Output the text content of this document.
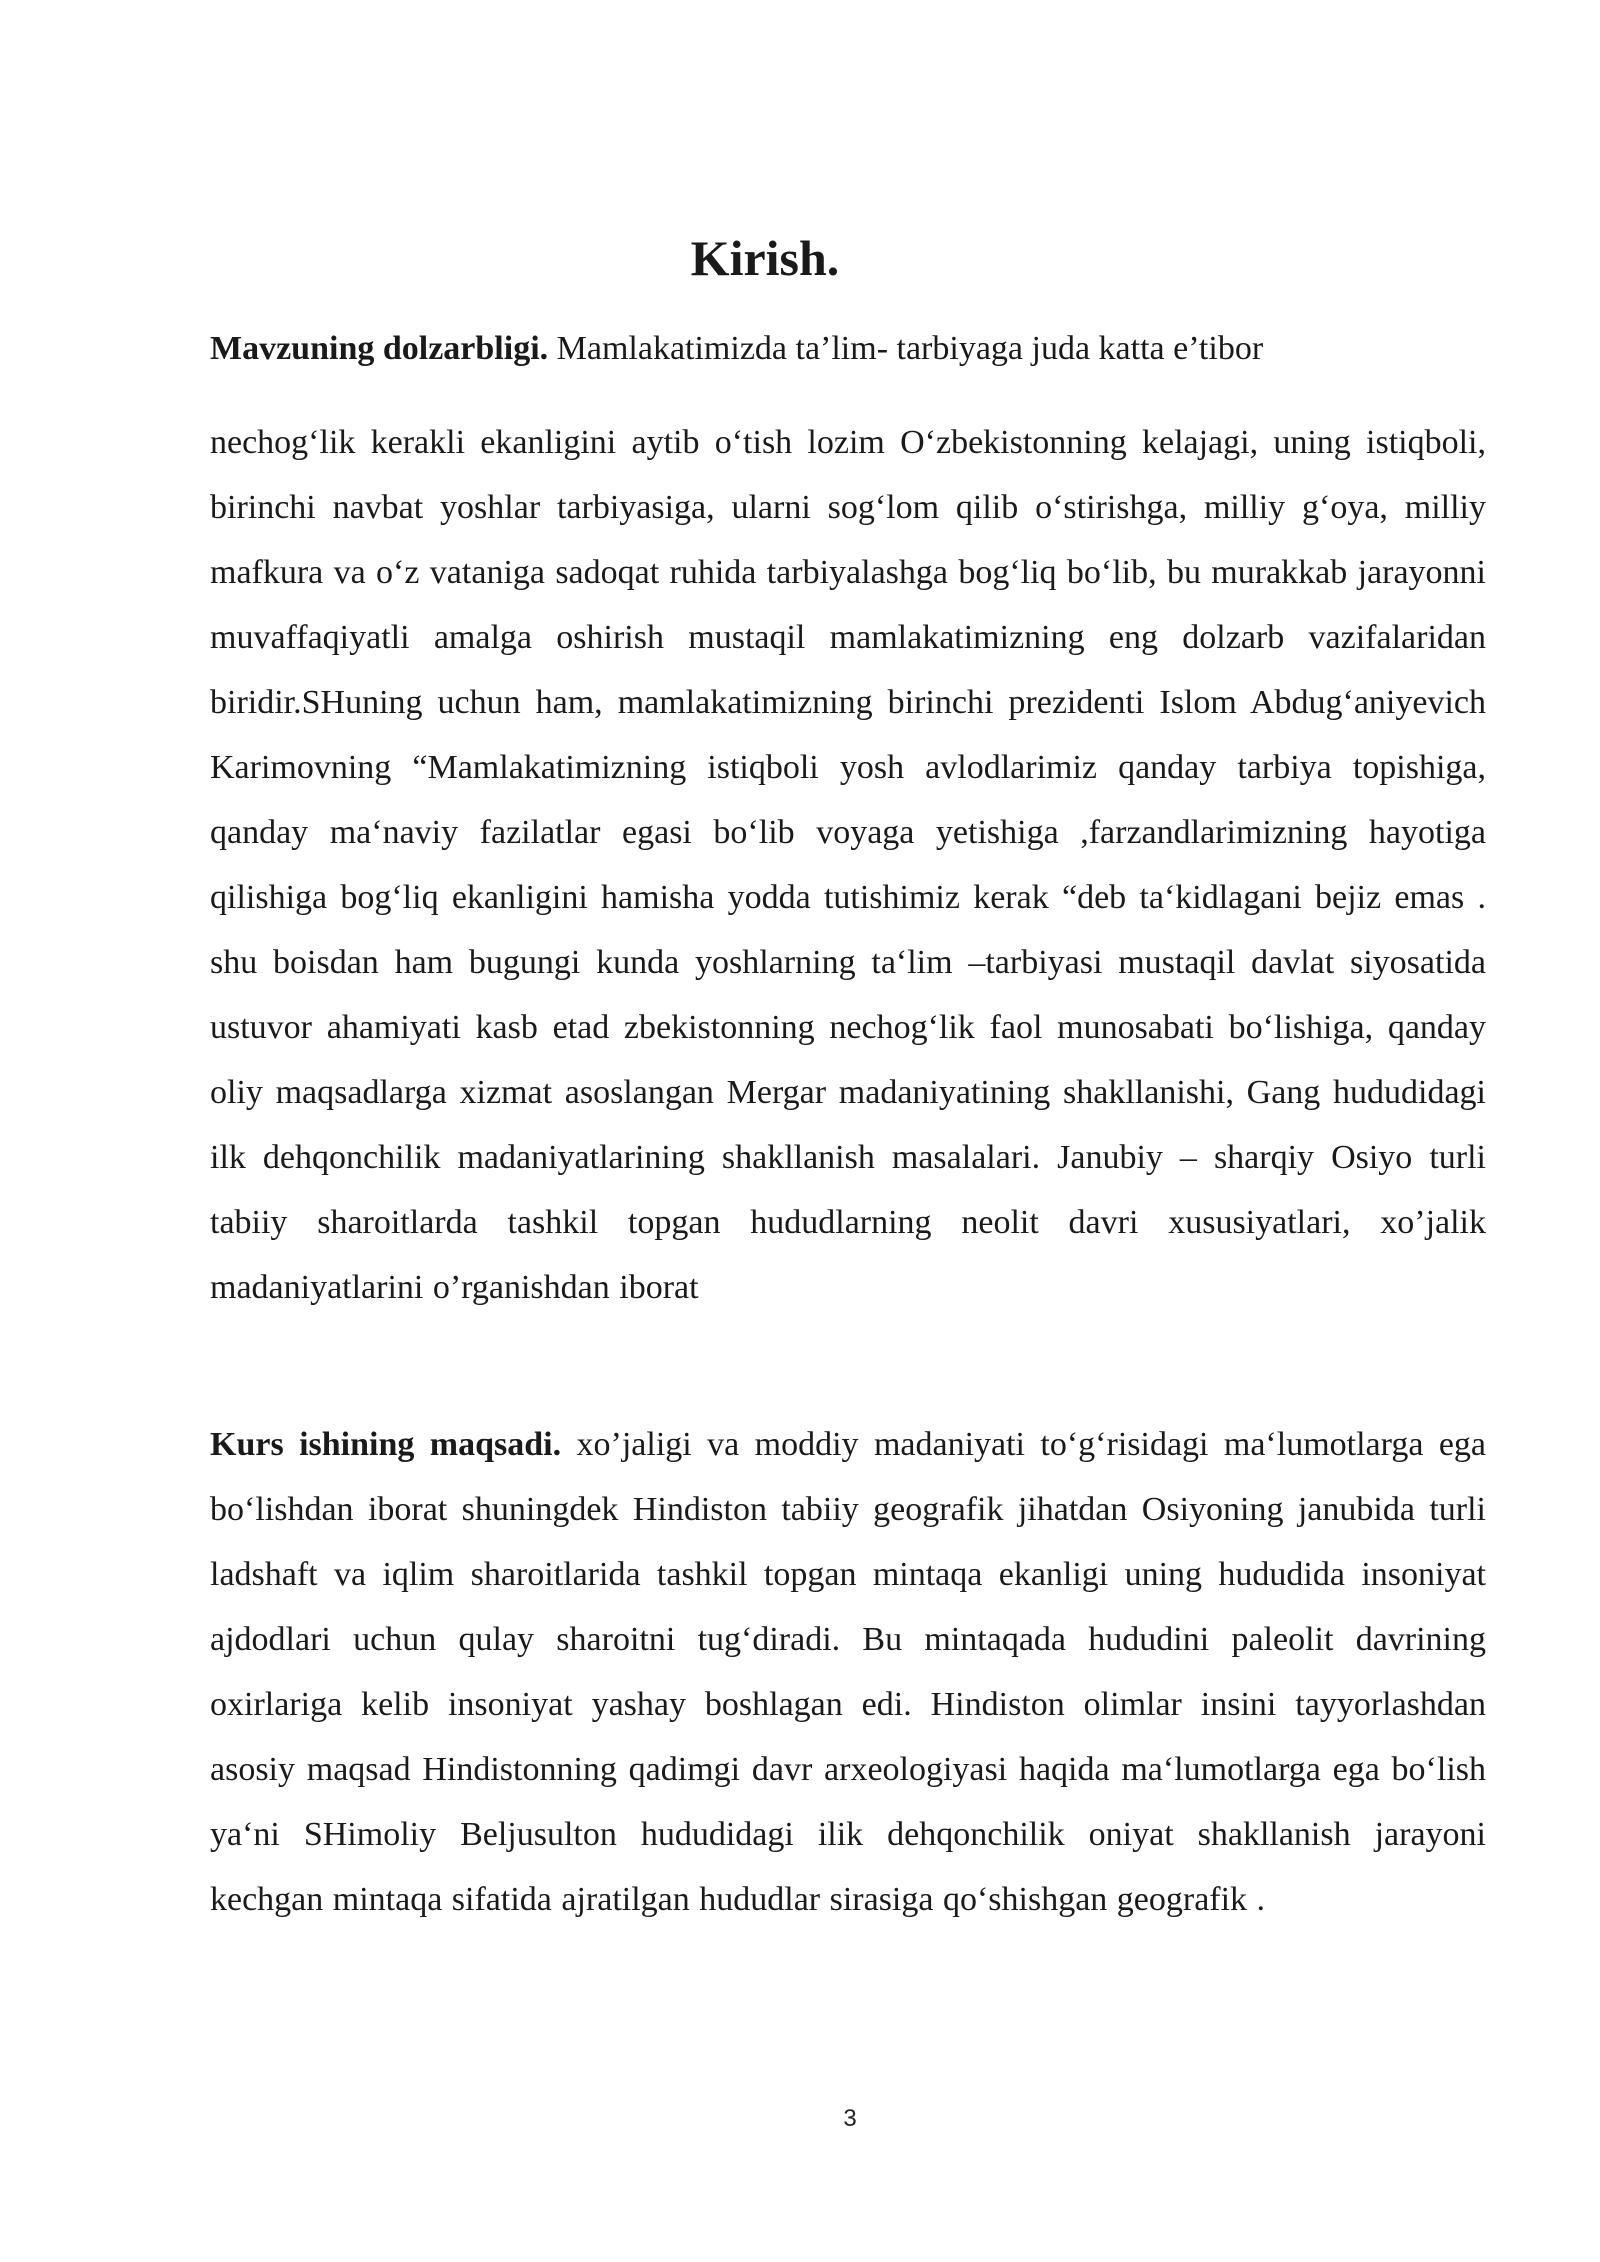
Kirish.

Mavzuning dolzarbligi. Mamlakatimizda ta’lim- tarbiyaga juda katta e’tibor

nechog‘lik kerakli ekanligini aytib o‘tish lozim O‘zbekistonning kelajagi, uning istiqboli, birinchi navbat yoshlar tarbiyasiga, ularni sog‘lom qilib o‘stirishga, milliy g‘oya, milliy mafkura va o‘z vataniga sadoqat ruhida tarbiyalashga bog‘liq bo‘lib, bu murakkab jarayonni muvaffaqiyatli amalga oshirish mustaqil mamlakatimizning eng dolzarb vazifalaridan biridir.SHuning uchun ham, mamlakatimizning birinchi prezidenti Islom Abdug‘aniyevich Karimovning “Mamlakatimizning istiqboli yosh avlodlarimiz qanday tarbiya topishiga, qanday ma‘naviy fazilatlar egasi bo‘lib voyaga yetishiga ,farzandlarimizning hayotiga qilishiga bog‘liq ekanligini hamisha yodda tutishimiz kerak “deb ta‘kidlagani bejiz emas . shu boisdan ham bugungi kunda yoshlarning ta‘lim –tarbiyasi mustaqil davlat siyosatida ustuvor ahamiyati kasb etad zbekistonning nechog‘lik faol munosabati bo‘lishiga, qanday oliy maqsadlarga xizmat asoslangan Mergar madaniyatining shakllanishi, Gang hududidagi ilk dehqonchilik madaniyatlarining shakllanish masalalari. Janubiy – sharqiy Osiyo turli tabiiy sharoitlarda tashkil topgan hududlarning neolit davri xususiyatlari, xo’jalik madaniyatlarini o’rganishdan iborat

Kurs ishining maqsadi. xo’jaligi va moddiy madaniyati to‘g‘risidagi ma‘lumotlarga ega bo‘lishdan iborat shuningdek Hindiston tabiiy geografik jihatdan Osiyoning janubida turli ladshaft va iqlim sharoitlarida tashkil topgan mintaqa ekanligi uning hududida insoniyat ajdodlari uchun qulay sharoitni tug‘diradi. Bu mintaqada hududini paleolit davrining oxirlariga kelib insoniyat yashay boshlagan edi. Hindiston olimlar insini tayyorlashdan asosiy maqsad Hindistonning qadimgi davr arxeologiyasi haqida ma‘lumotlarga ega bo‘lish ya‘ni SHimoliy Beljusulton hududidagi ilik dehqonchilik oniyat shakllanish jarayoni kechgan mintaqa sifatida ajratilgan hududlar sirasiga qo‘shishgan geografik .

3
